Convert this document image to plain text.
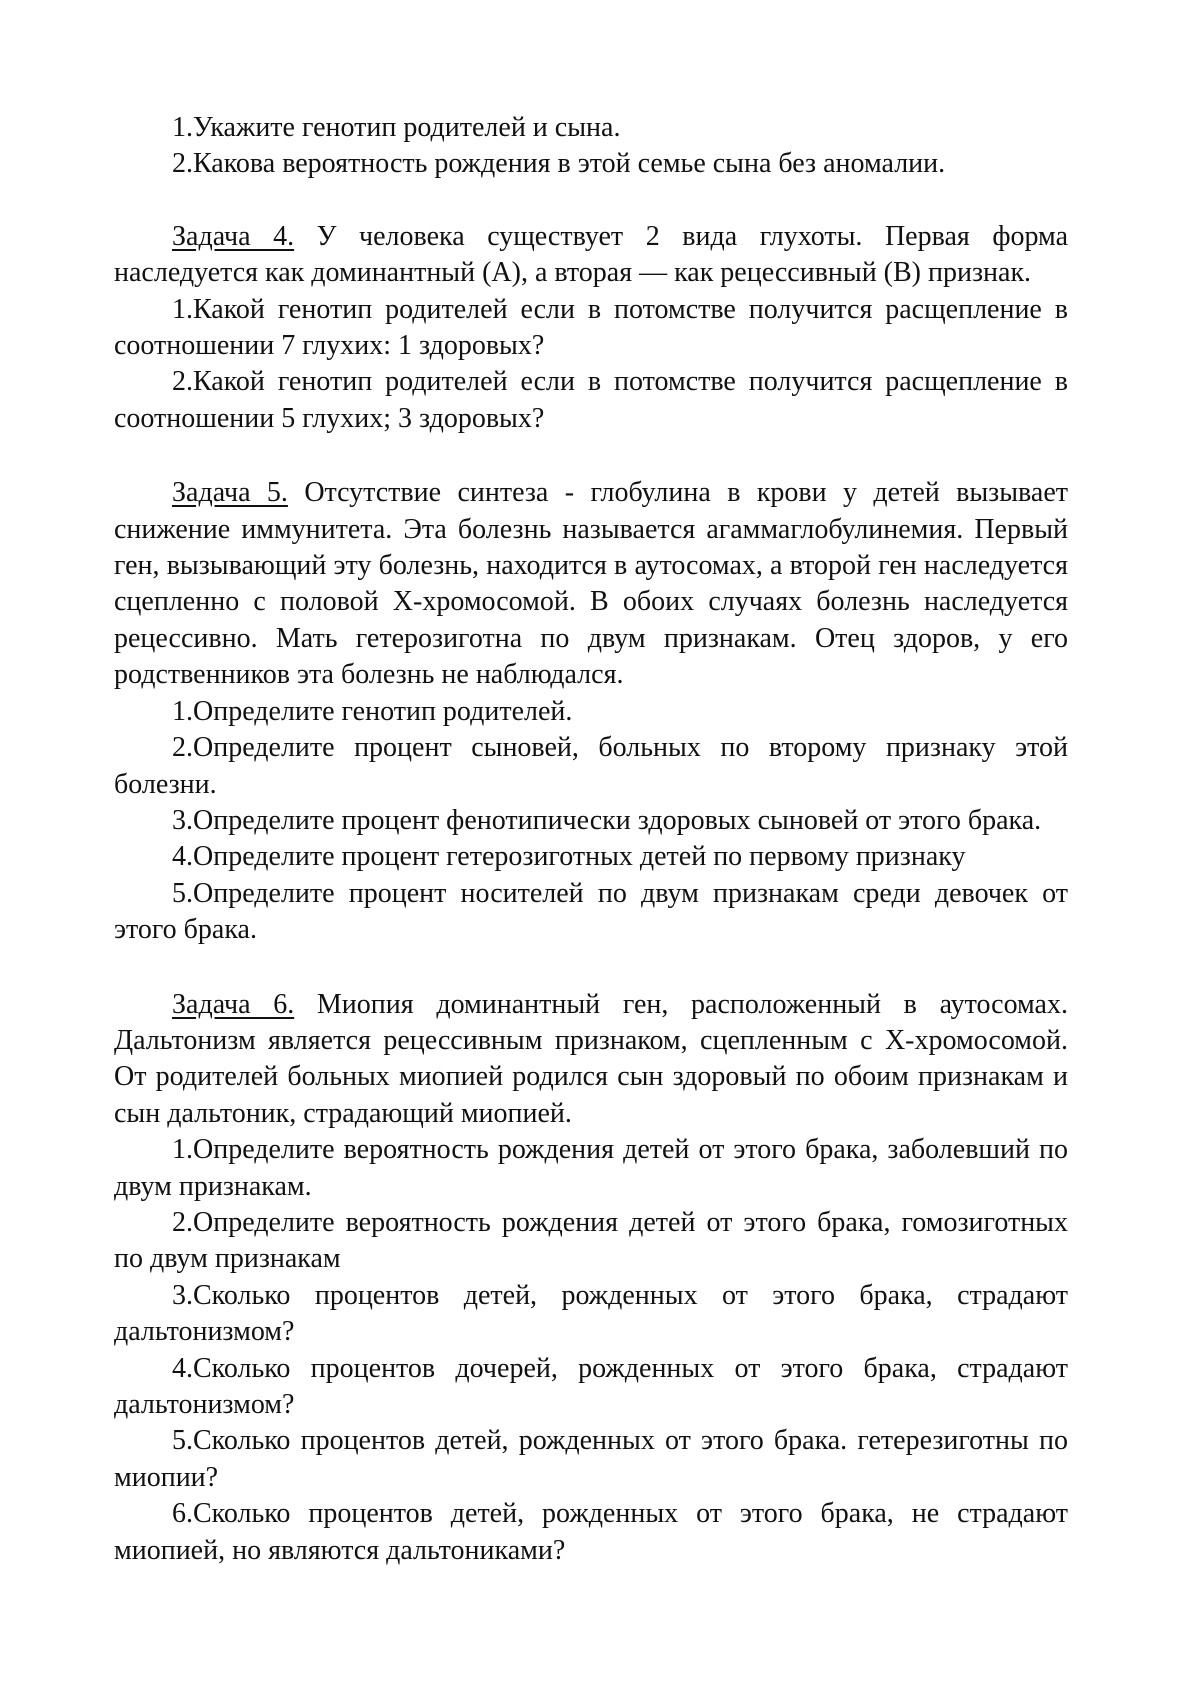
1.Укажите генотип родителей и сына.

2.Какова вероятность рождения в этой семье сына без аномалии.

Задача 4. У человека существует 2 вида глухоты. Первая форма наследуется как доминантный (А), а вторая — как рецессивный (В) признак.

1.Какой генотип родителей если в потомстве получится расщепление в соотношении 7 глухих: 1 здоровых?

2.Какой генотип родителей если в потомстве получится расщепление в соотношении 5 глухих; 3 здоровых?

Задача 5. Отсутствие синтеза - глобулина в крови у детей вызывает снижение иммунитета. Эта болезнь называется агаммаглобулинемия. Первый ген, вызывающий эту болезнь, находится в аутосомах, а второй ген наследуется сцепленно с половой X-хромосомой. В обоих случаях болезнь наследуется рецессивно. Мать гетерозиготна по двум признакам. Отец здоров, у его родственников эта болезнь не наблюдался.

1.Определите генотип родителей.

2.Определите процент сыновей, больных по второму признаку этой болезни.

3.Определите процент фенотипически здоровых сыновей от этого брака.

4.Определите процент гетерозиготных детей по первому признаку

5.Определите процент носителей по двум признакам среди девочек от этого брака.

Задача 6. Миопия доминантный ген, расположенный в аутосомах. Дальтонизм является рецессивным признаком, сцепленным с X-хромосомой. От родителей больных миопией родился сын здоровый по обоим признакам и сын дальтоник, страдающий миопией.

1.Определите вероятность рождения детей от этого брака, заболевший по двум признакам.

2.Определите вероятность рождения детей от этого брака, гомозиготных по двум признакам

3.Сколько процентов детей, рожденных от этого брака, страдают дальтонизмом?

4.Сколько процентов дочерей, рожденных от этого брака, страдают дальтонизмом?

5.Сколько процентов детей, рожденных от этого брака. гетерезиготны по миопии?

6.Сколько процентов детей, рожденных от этого брака, не страдают миопией, но являются дальтониками?
